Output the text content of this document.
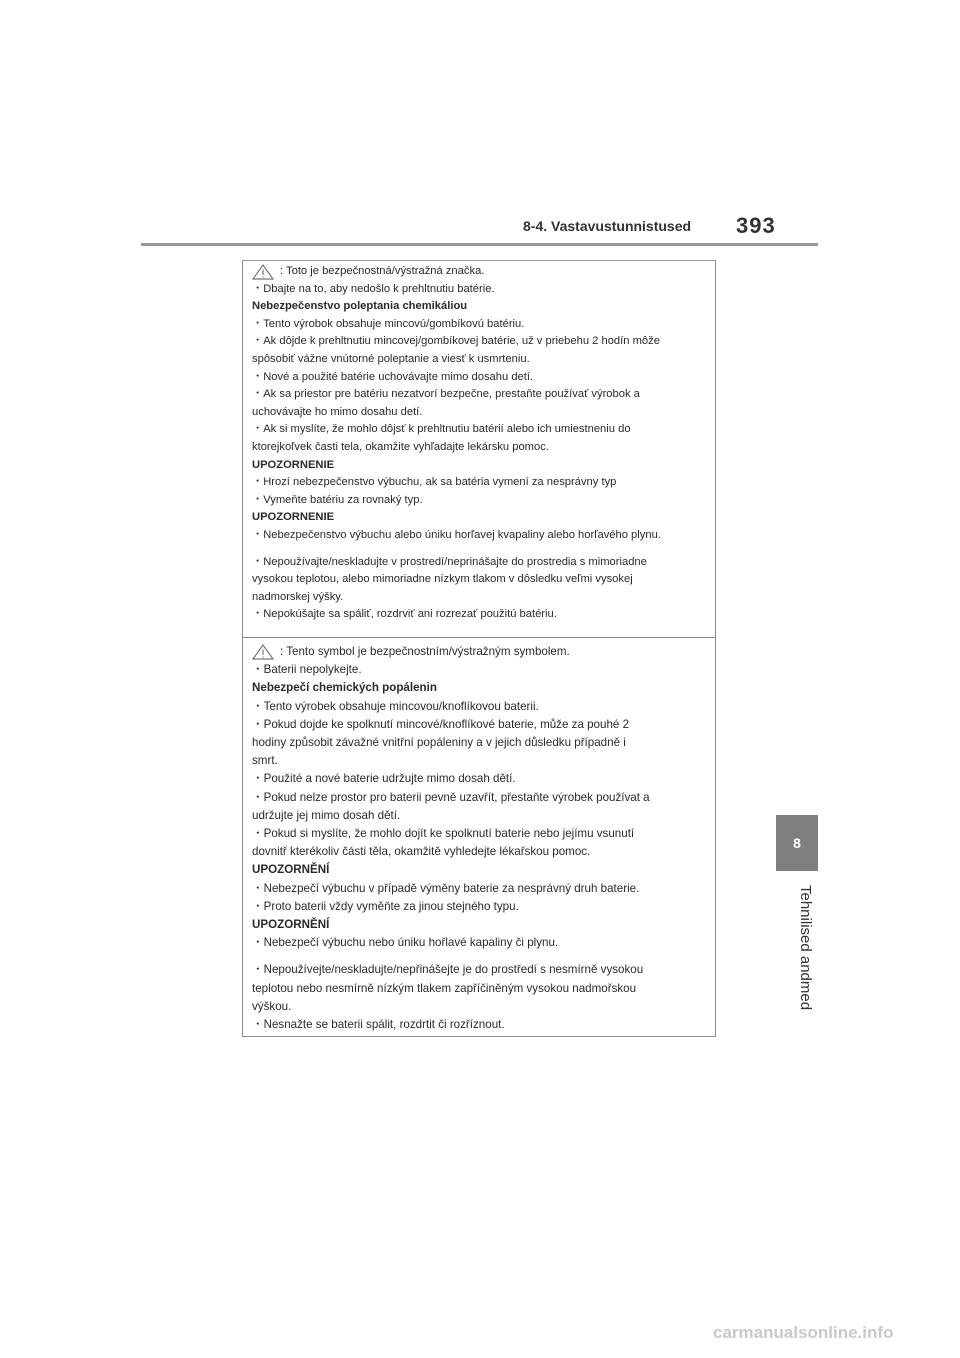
8-4. Vastavustunnistused 393
8
Tehnilised andmed

: Toto je bezpečnostná/výstražná značka.

・Dbajte na to, aby nedošlo k prehltnutiu batérie.

Nebezpečenstvo poleptania chemikáliou

・Tento výrobok obsahuje mincovú/gombíkovú batériu.

・Ak dôjde k prehltnutiu mincovej/gombíkovej batérie, už v priebehu 2 hodín môže

spôsobiť vážne vnútorné poleptanie a viesť k usmrteniu.

・Nové a použité batérie uchovávajte mimo dosahu detí.

・Ak sa priestor pre batériu nezatvorí bezpečne, prestaňte používať výrobok a

uchovávajte ho mimo dosahu detí.

・Ak si myslíte, že mohlo dôjsť k prehltnutiu batérií alebo ich umiestneniu do

ktorejkoľvek časti tela, okamžite vyhľadajte lekársku pomoc.

UPOZORNENIE

・Hrozí nebezpečenstvo výbuchu, ak sa batéria vymení za nesprávny typ

・Vymeňte batériu za rovnaký typ.

UPOZORNENIE

・Nebezpečenstvo výbuchu alebo úniku horľavej kvapaliny alebo horľavého plynu.

・Nepoužívajte/neskladujte v prostredí/neprinášajte do prostredia s mimoriadne

vysokou teplotou, alebo mimoriadne nízkym tlakom v dôsledku veľmi vysokej

nadmorskej výšky.

・Nepokúšajte sa spáliť, rozdrviť ani rozrezať použitú batériu.

: Tento symbol je bezpečnostním/výstražným symbolem.

・Baterii nepolykejte.

Nebezpečí chemických popálenin

・Tento výrobek obsahuje mincovou/knoflíkovou baterii.

・Pokud dojde ke spolknutí mincové/knoflíkové baterie, může za pouhé 2

hodiny způsobit závažné vnitřní popáleniny a v jejich důsledku případně i

smrt.

・Použité a nové baterie udržujte mimo dosah dětí.

・Pokud nelze prostor pro baterii pevně uzavřít, přestaňte výrobek používat a

udržujte jej mimo dosah dětí.

・Pokud si myslíte, že mohlo dojít ke spolknutí baterie nebo jejímu vsunutí

dovnitř kterékoliv části těla, okamžitě vyhledejte lékařskou pomoc.

UPOZORNĚNÍ

・Nebezpečí výbuchu v případě výměny baterie za nesprávný druh baterie.

・Proto baterii vždy vyměňte za jinou stejného typu.

UPOZORNĚNÍ

・Nebezpečí výbuchu nebo úniku hořlavé kapaliny či plynu.

・Nepoužívejte/neskladujte/nepřinášejte je do prostředí s nesmírně vysokou

teplotou nebo nesmírně nízkým tlakem zapříčiněným vysokou nadmořskou

výškou.

・Nesnažte se baterii spálit, rozdrtit či rozříznout.

carmanualsonline.info
